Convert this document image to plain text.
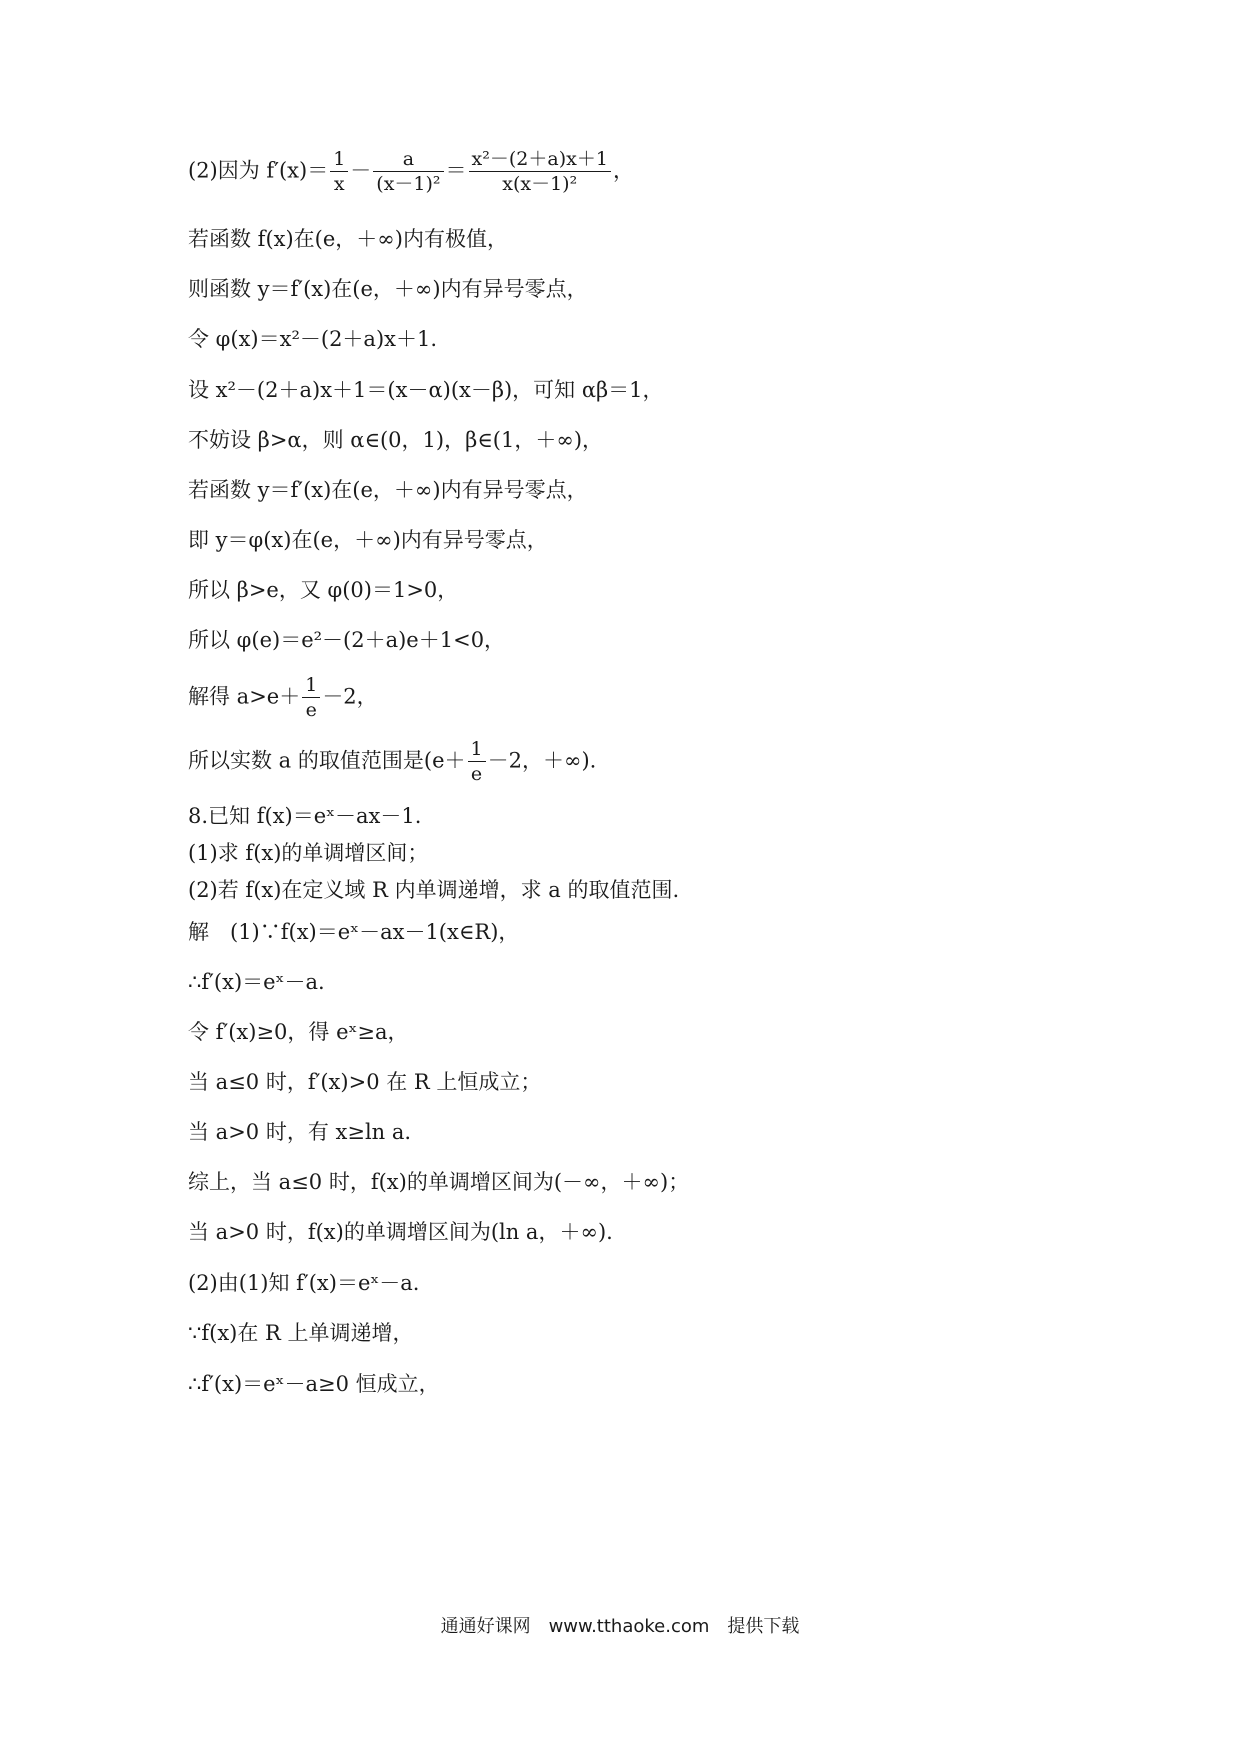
(2)因为 $f'(x)= \frac{1}{x} - \frac{a}{\text{(x－1)²}} = \frac{\text{x²－(2＋a)x＋1}}{\text{x(x－1)²}}$ ，
若函数 f(x)在(e，＋∞)内有极值，
则函数 y＝f′(x)在(e，＋∞)内有异号零点，
令 φ(x)＝x²－(2＋a)x＋1.
设 x²－(2＋a)x＋1＝(x－α)(x－β)，可知 αβ＝1，
不妨设 β>α，则 α∈(0，1)，β∈(1，＋∞)，
若函数 y＝f′(x)在(e，＋∞)内有异号零点，
即 y＝φ(x)在(e，＋∞)内有异号零点，
所以 β>e，又 φ(0)＝1>0，
所以 φ(e)＝e²－(2＋a)e＋1<0，
解得 $a>e+ \frac{1}{e} -2$，
所以实数 a 的取值范围是($e+ \frac{1}{e} -2$，＋∞).
8.已知 f(x)＝eˣ－ax－1.
(1)求 f(x)的单调增区间；
(2)若 f(x)在定义域 R 内单调递增，求 a 的取值范围.
解　(1)∵f(x)＝eˣ－ax－1(x∈R)，
∴f′(x)＝eˣ－a.
令 f′(x)≥0，得 eˣ≥a，
当 a≤0 时，f′(x)>0 在 R 上恒成立；
当 a>0 时，有 x≥ln a.
综上，当 a≤0 时，f(x)的单调增区间为(－∞，＋∞)；
当 a>0 时，f(x)的单调增区间为(ln a，＋∞).
(2)由(1)知 f′(x)＝eˣ－a.
∵f(x)在 R 上单调递增，
∴f′(x)＝eˣ－a≥0 恒成立，
通通好课网　www.tthaoke.com　提供下载
